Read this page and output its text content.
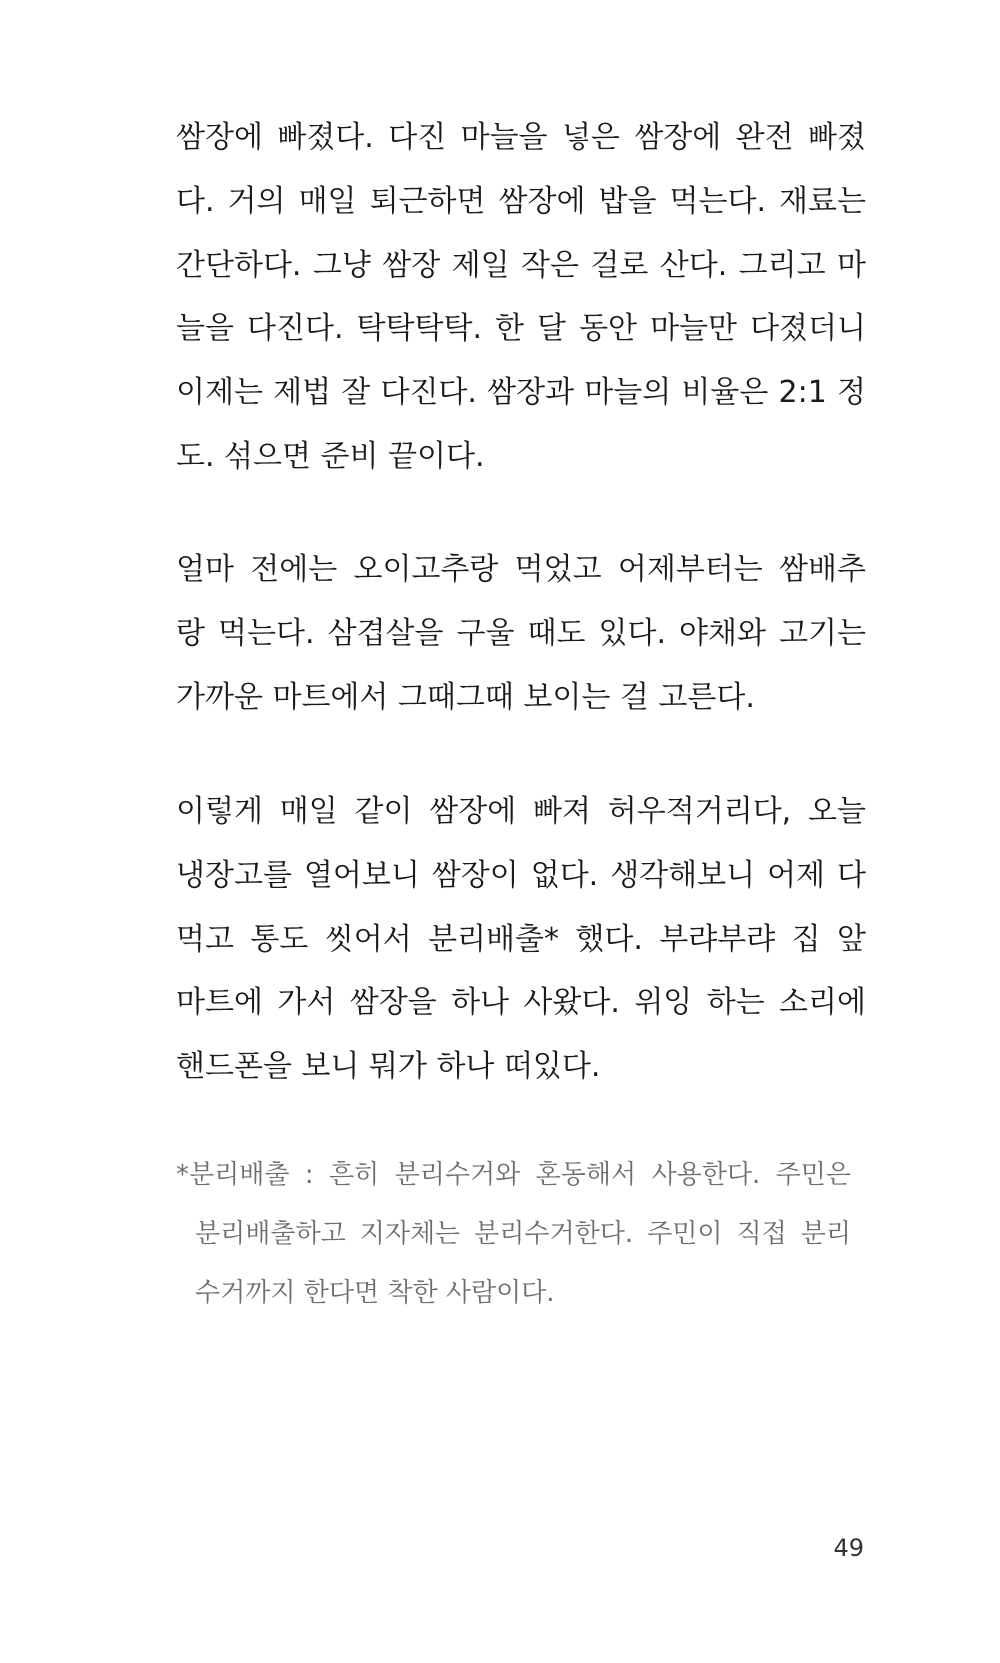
쌈장에 빠졌다. 다진 마늘을 넣은 쌈장에 완전 빠졌

다. 거의 매일 퇴근하면 쌈장에 밥을 먹는다. 재료는

간단하다. 그냥 쌈장 제일 작은 걸로 산다. 그리고 마

늘을 다진다. 탁탁탁탁. 한 달 동안 마늘만 다졌더니

이제는 제법 잘 다진다. 쌈장과 마늘의 비율은 2:1 정

도. 섞으면 준비 끝이다.

얼마 전에는 오이고추랑 먹었고 어제부터는 쌈배추

랑 먹는다. 삼겹살을 구울 때도 있다. 야채와 고기는

가까운 마트에서 그때그때 보이는 걸 고른다.

이렇게 매일 같이 쌈장에 빠져 허우적거리다, 오늘

냉장고를 열어보니 쌈장이 없다. 생각해보니 어제 다

먹고 통도 씻어서 분리배출* 했다. 부랴부랴 집 앞

마트에 가서 쌈장을 하나 사왔다. 위잉 하는 소리에

핸드폰을 보니 뭐가 하나 떠있다.

*분리배출 : 흔히 분리수거와 혼동해서 사용한다. 주민은

분리배출하고 지자체는 분리수거한다. 주민이 직접 분리

수거까지 한다면 착한 사람이다.

49
